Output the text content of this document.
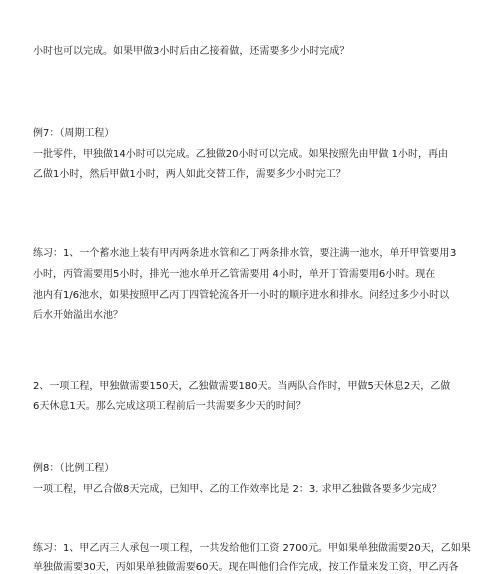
小时也可以完成。如果甲做3小时后由乙接着做，还需要多少小时完成？
例7：（周期工程）
一批零件，甲独做14小时可以完成。乙独做20小时可以完成。如果按照先由甲做 1小时，再由
乙做1小时，然后甲做1小时，两人如此交替工作，需要多少小时完工？
练习：1、一个蓄水池上装有甲丙两条进水管和乙丁两条排水管，要注满一池水，单开甲管要用 3
小时，丙管需要用5小时，排光一池水单开乙管需要用 4小时，单开丁管需要用6小时。现在
池内有1/6池水，如果按照甲乙丙丁四管轮流各开一小时的顺序进水和排水。问经过多少小时以
后水开始溢出水池？
2、一项工程，甲独做需要150天，乙独做需要180天。当两队合作时，甲做5天休息2天，乙做
6天休息1天。那么完成这项工程前后一共需要多少天的时间？
例8：（比例工程）
一项工程，甲乙合做8天完成，已知甲、乙的工作效率比是 2：3. 求甲乙独做各要多少完成？
练习：1、甲乙丙三人承包一项工程，一共发给他们工资 2700元。甲如果单独做需要20天，乙如果
单独做需要30天，丙如果单独做需要60天。现在叫他们合作完成，按工作量来发工资，甲乙丙各
